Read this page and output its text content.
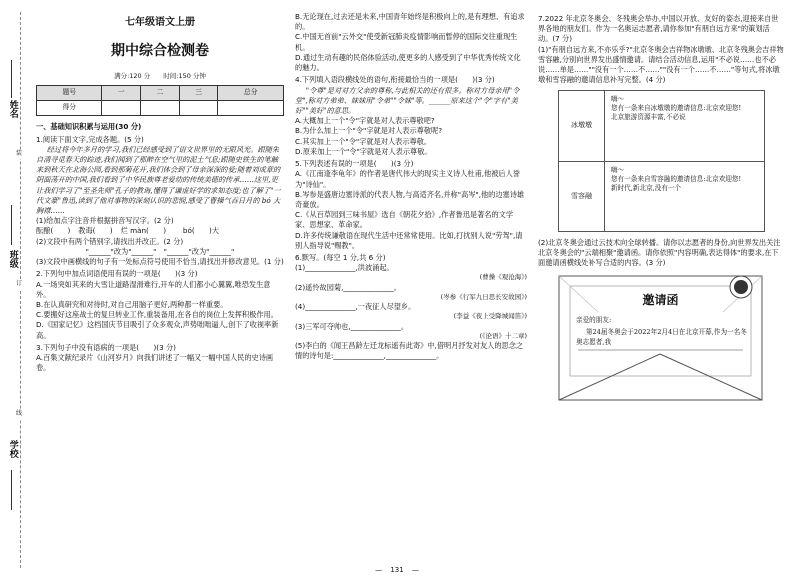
姓名
装
班级
订
线
学校
七年级语文上册
期中综合检测卷
满分:120 分　　时间:150 分钟
题号	一	二	三	总分
得分				
一、基础知识积累与运用(30 分)

1.阅读下面文字,完成各题。(5 分)

经过将今年多月的学习,我们已经感受到了语文世界里的无限风光。跟随朱自清寻觅春天的踪迹,我们闻到了那醉在空气里的泥土气息;跟随史铁生的笔触来到秋天在北海公园,看到那菊花开,我们体会到了母亲深深的爱;随着刘成章的阴面荡开的中国,我们看到了中华民族尊老爱幼的传统美德的传承……这里,更让我们学习了"至圣先师"孔子的教诲,懂得了谦虚好学的求知态度;也了解了"一代文豪"鲁迅,读到了他对事物的深刻认识的悲悯,感受了曹操气吞日月的 bó 大胸襟……

(1)给加点字注音并根据拼音写汉字。(2 分)

酝酿(　　) 教诲(　　) 烂 màn(　　) bó(　　)大

(2)文段中有两个错别字,请找出并改正。(2 分)

"______"改为"______"　"______"改为"______"

(3)文段中画横线的句子有一处标点符号使用不恰当,请找出并修改意见。(1 分)

2.下列句中加点词语使用有误的一项是(　　)(3 分)

A.一场突如其来的大雪让道路湿滑难行,开车的人们都小心翼翼,唯恐发生意外。

B.在认真研究和对待时,对自己用脑子更好,两种都一样重要。

C.要搬好这座战士的复旦转业工作,重装备用,在各自的岗位上发挥积极作用。

D.《国家记忆》这档国庆节目吸引了众多观众,声势咄咄逼人,创下了收视率新高。

3.下列句子中没有语病的一项是(　　)(3 分)

A.百集文献纪录片《山河岁月》向我们讲述了一幅又一幅中国人民的史诗画卷。

B.无论现在,过去还是未来,中国青年始终是积极向上的,是有理想、有追求的。

C.中国无首前"云外交"使受新冠肺炎疫情影响而暂停的国际交往重现生机。

D.通过生动有趣的民俗体验活动,使更多的人感受到了中华优秀传统文化的魅力。

4.下列填入语段横线处的语句,衔接最恰当的一项是(　　)(3 分)

"令尊"是对对方父亲的尊称,与此相关的还有很多。称对方母亲用"令堂",称对方弟弟、妹妹用"令弟""令妹"等。______原来这个"令"字有"美好""美好"的意思。

A.大概加上一个"令"字就是对人表示尊敬吧?

B.为什么加上一个"令"字就是对人表示尊敬呢?

C.其实加上一个"令"字就是对人表示尊敬。

D.原来加上一个"令"字就是对人表示尊敬。

5.下列表述有误的一项是(　　)(3 分)

A.《江南逢李龟年》的作者是唐代伟大的现实主义诗人杜甫,他被后人誉为"诗仙"。

B.岑参是盛唐边塞诗派的代表人物,与高适齐名,并称"高岑",他的边塞诗雄奇豪放。

C.《从百草园到三味书屋》选自《朝花夕拾》,作者鲁迅是著名的文学家、思想家、革命家。

D.许多传统谦敬语在现代生活中还常常使用。比如,打扰别人说"劳驾",请别人指导说"赐教"。

6.默写。(每空 1 分,共 6 分)

(1)______________,洪波涌起。

(曹操《观沧海》)

(2)遥怜故园菊,______________。

(岑参《行军九日思长安故园》)

(4)______________,一夜征人尽望乡。

(李益《夜上受降城闻笛》)

(3)三军可夺帅也,______________。

(《论语》十二章)

(5)李白的《闻王昌龄左迁龙标遥有此寄》中,借明月抒发对友人的思念之情的诗句是:______________,______________。

7.2022 年北京冬奥会、冬残奥会举办,中国以开放、友好的姿态,迎接来自世界各地的朋友们。作为一名奥运志愿者,请你参加"有朋自远方来"的策划活动。(7 分)

(1)"有朋自远方来,不亦乐乎?"北京冬奥会吉祥物冰墩墩、北京冬残奥会吉祥物雪容融,分别向世界发出盛情邀请。请结合活动信息,运用"不必说……也不必说……单是……""没有一个……不……""没有一个……不……"等句式,将冰墩墩和雪容融的邀请信息补写完整。(4 分)

冰墩墩
嗨～
您有一条来自冰墩墩的邀请信息:北京欢迎您!
北京旅游资源丰富,不必说
雪容融
嗨～
您有一条来自雪容融的邀请信息:北京欢迎您!
新时代,新北京,没有一个

(2)北京冬奥会通过云技术向全球转播。请你以志愿者的身份,向世界发出关注北京冬奥会的"云端相聚"邀请函。请你依照"内容明确,表达得体"的要求,在下面邀请函横线处补写合适的内容。(3 分)

邀请函
亲爱的朋友:
第24届冬奥会于2022年2月4日在北京开幕,作为一名冬奥志愿者,我
— 131 —
